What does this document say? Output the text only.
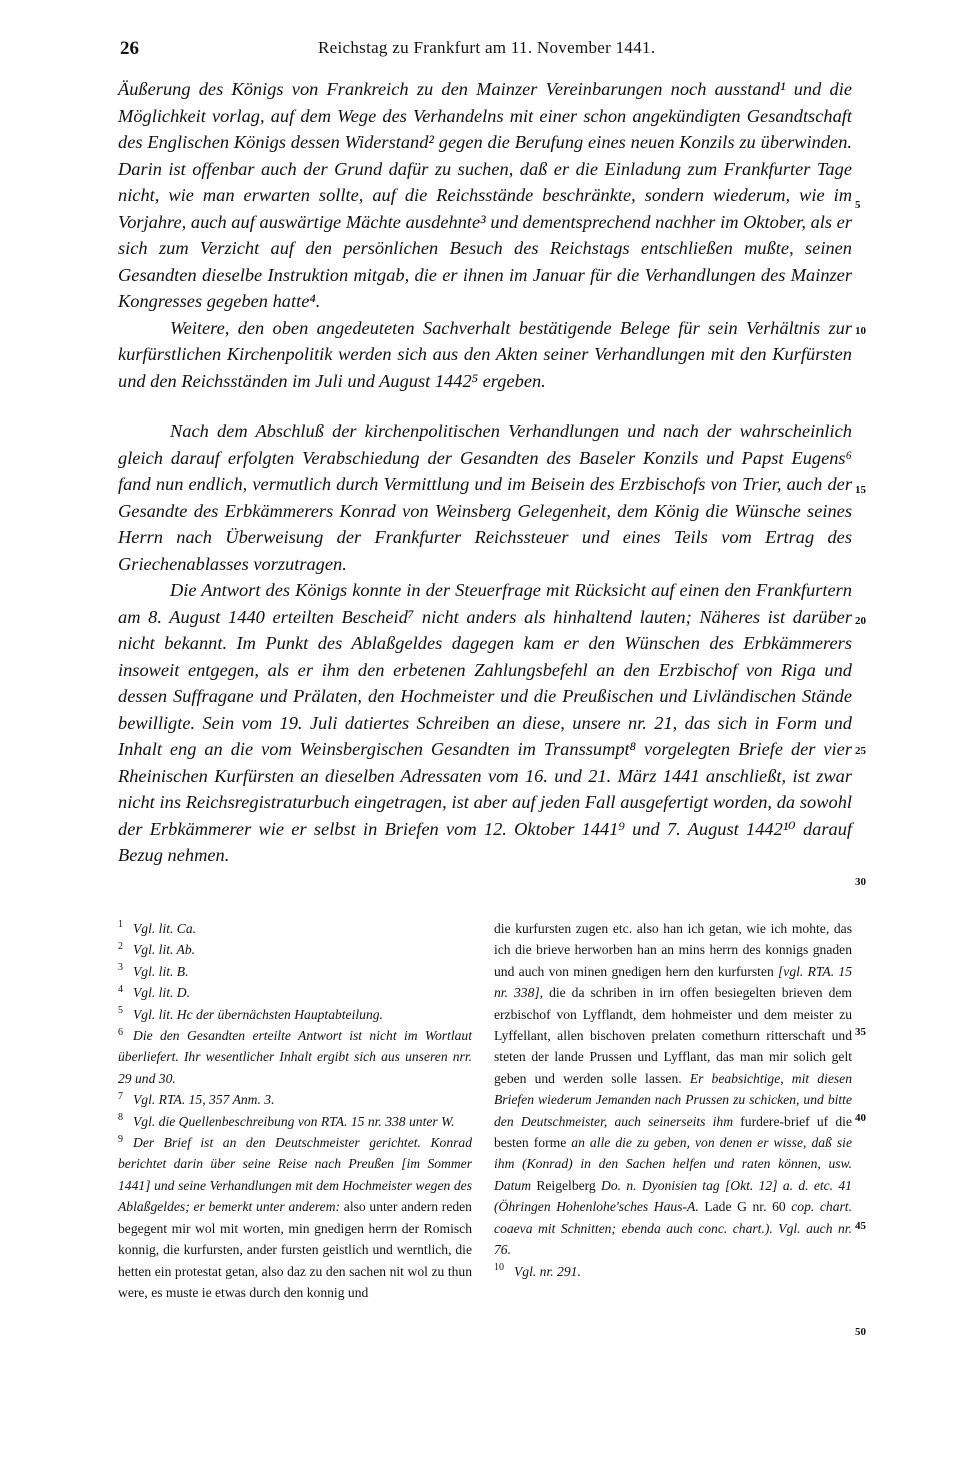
26	Reichstag zu Frankfurt am 11. November 1441.

Äußerung des Königs von Frankreich zu den Mainzer Vereinbarungen noch ausstand¹ und die Möglichkeit vorlag, auf dem Wege des Verhandelns mit einer schon angekündigten Gesandtschaft des Englischen Königs dessen Widerstand² gegen die Berufung eines neuen Konzils zu überwinden. Darin ist offenbar auch der Grund dafür zu suchen, daß er die Einladung zum Frankfurter Tage nicht, wie man erwarten sollte, auf die Reichsstände beschränkte, sondern wiederum, wie im Vorjahre, auch auf auswärtige Mächte ausdehnte³ und dementsprechend nachher im Oktober, als er sich zum Verzicht auf den persönlichen Besuch des Reichstags entschließen mußte, seinen Gesandten dieselbe Instruktion mitgab, die er ihnen im Januar für die Verhandlungen des Mainzer Kongresses gegeben hatte⁴.

Weitere, den oben angedeuteten Sachverhalt bestätigende Belege für sein Verhältnis zur kurfürstlichen Kirchenpolitik werden sich aus den Akten seiner Verhandlungen mit den Kurfürsten und den Reichsständen im Juli und August 1442⁵ ergeben.

Nach dem Abschluß der kirchenpolitischen Verhandlungen und nach der wahrscheinlich gleich darauf erfolgten Verabschiedung der Gesandten des Baseler Konzils und Papst Eugens⁶ fand nun endlich, vermutlich durch Vermittlung und im Beisein des Erzbischofs von Trier, auch der Gesandte des Erbkämmerers Konrad von Weinsberg Gelegenheit, dem König die Wünsche seines Herrn nach Überweisung der Frankfurter Reichssteuer und eines Teils vom Ertrag des Griechenablasses vorzutragen.

Die Antwort des Königs konnte in der Steuerfrage mit Rücksicht auf einen den Frankfurtern am 8. August 1440 erteilten Bescheid⁷ nicht anders als hinhaltend lauten; Näheres ist darüber nicht bekannt. Im Punkt des Ablaßgeldes dagegen kam er den Wünschen des Erbkämmerers insoweit entgegen, als er ihm den erbetenen Zahlungsbefehl an den Erzbischof von Riga und dessen Suffragane und Prälaten, den Hochmeister und die Preußischen und Livländischen Stände bewilligte. Sein vom 19. Juli datiertes Schreiben an diese, unsere nr. 21, das sich in Form und Inhalt eng an die vom Weinsbergischen Gesandten im Transsumpt⁸ vorgelegten Briefe der vier Rheinischen Kurfürsten an dieselben Adressaten vom 16. und 21. März 1441 anschließt, ist zwar nicht ins Reichsregistraturbuch eingetragen, ist aber auf jeden Fall ausgefertigt worden, da sowohl der Erbkämmerer wie er selbst in Briefen vom 12. Oktober 1441⁹ und 7. August 1442¹⁰ darauf Bezug nehmen.

5
10
15
20
25
30
35
40
45
50

$^1$ Vgl. lit. Ca.

$^2$ Vgl. lit. Ab.

$^3$ Vgl. lit. B.

$^4$ Vgl. lit. D.

$^5$ Vgl. lit. Hc der übernächsten Hauptabteilung.

$^6$ Die den Gesandten erteilte Antwort ist nicht im Wortlaut überliefert. Ihr wesentlicher Inhalt ergibt sich aus unseren nrr. 29 und 30.

$^7$ Vgl. RTA. 15, 357 Anm. 3.

$^8$ Vgl. die Quellenbeschreibung von RTA. 15 nr. 338 unter W.

$^9$ Der Brief ist an den Deutschmeister gerichtet. Konrad berichtet darin über seine Reise nach Preußen [im Sommer 1441] und seine Verhandlungen mit dem Hochmeister wegen des Ablaßgeldes; er bemerkt unter anderem: also unter andern reden begegent mir wol mit worten, min gnedigen herrn der Romisch konnig, die kurfursten, ander fursten geistlich und werntlich, die hetten ein protestat getan, also daz zu den sachen nit wol zu thun were, es muste ie etwas durch den konnig und

die kurfursten zugen etc. also han ich getan, wie ich mohte, das ich die brieve herworben han an mins herrn des konnigs gnaden und auch von minen gnedigen hern den kurfursten [vgl. RTA. 15 nr. 338], die da schriben in irn offen besiegelten brieven dem erzbischof von Lyfflandt, dem hohmeister und dem meister zu Lyffellant, allen bischoven prelaten comethurn ritterschaft und steten der lande Prussen und Lyfflant, das man mir solich gelt geben und werden solle lassen. Er beabsichtige, mit diesen Briefen wiederum Jemanden nach Prussen zu schicken, und bitte den Deutschmeister, auch seinerseits ihm furdere-brief uf die besten forme an alle die zu geben, von denen er wisse, daß sie ihm (Konrad) in den Sachen helfen und raten können, usw. Datum Reigelberg Do. n. Dyonisien tag [Okt. 12] a. d. etc. 41 (Öhringen Hohenlohe'sches Haus-A. Lade G nr. 60 cop. chart. coaeva mit Schnitten; ebenda auch conc. chart.). Vgl. auch nr. 76.

$^{10}$ Vgl. nr. 291.
